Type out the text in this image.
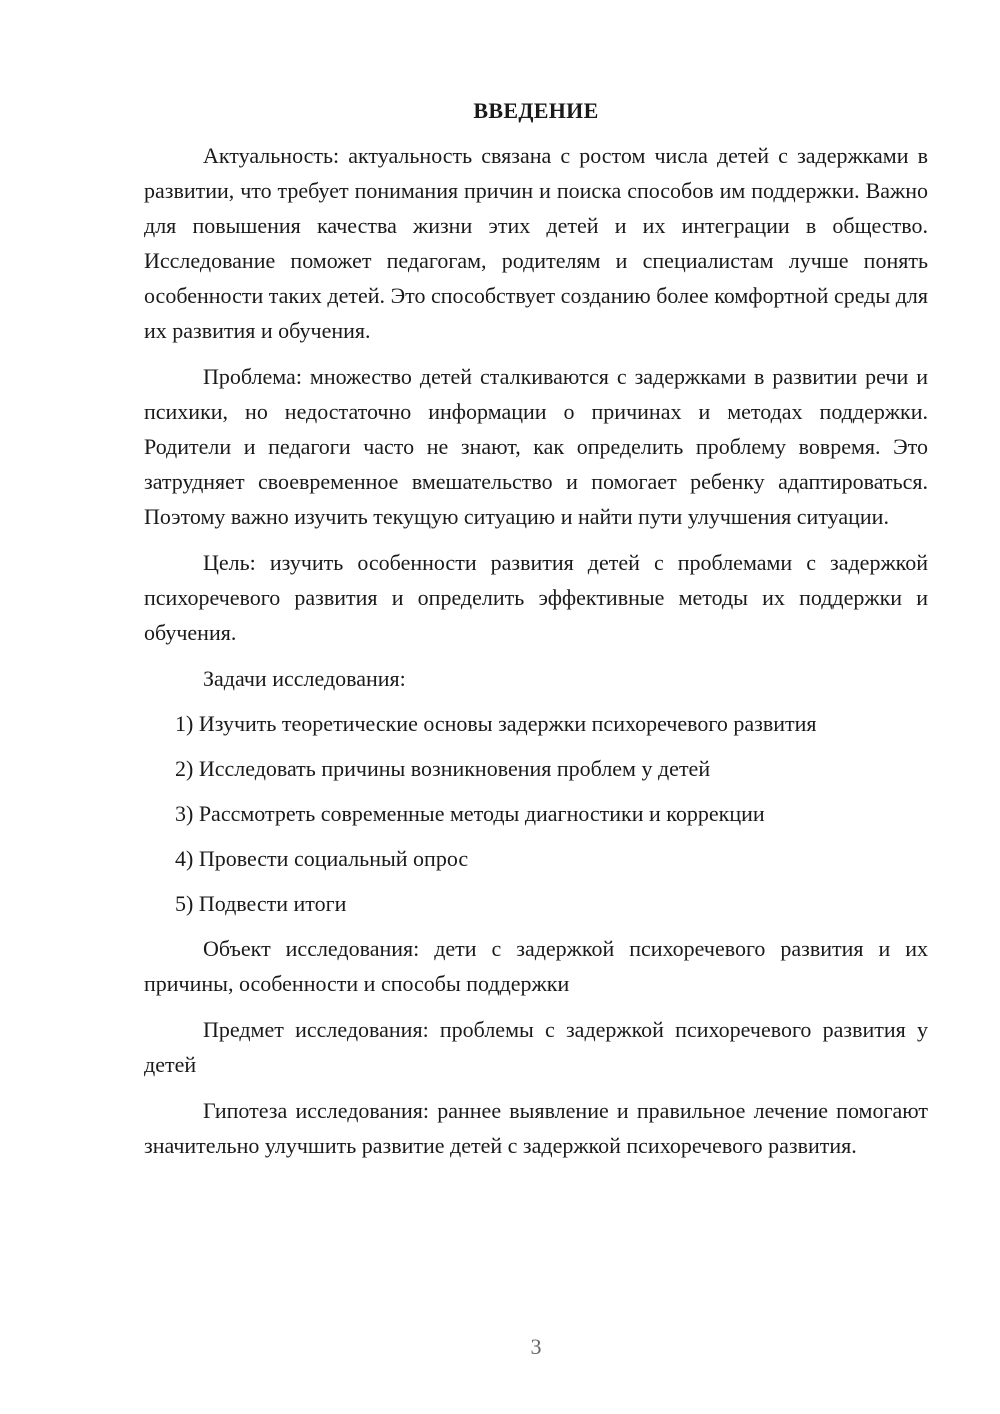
ВВЕДЕНИЕ

Актуальность: актуальность связана с ростом числа детей с задержками в развитии, что требует понимания причин и поиска способов им поддержки. Важно для повышения качества жизни этих детей и их интеграции в общество. Исследование поможет педагогам, родителям и специалистам лучше понять особенности таких детей. Это способствует созданию более комфортной среды для их развития и обучения.

Проблема: множество детей сталкиваются с задержками в развитии речи и психики, но недостаточно информации о причинах и методах поддержки. Родители и педагоги часто не знают, как определить проблему вовремя. Это затрудняет своевременное вмешательство и помогает ребенку адаптироваться. Поэтому важно изучить текущую ситуацию и найти пути улучшения ситуации.

Цель: изучить особенности развития детей с проблемами с задержкой психоречевого развития и определить эффективные методы их поддержки и обучения.

Задачи исследования:

1) Изучить теоретические основы задержки психоречевого развития
2) Исследовать причины возникновения проблем у детей
3) Рассмотреть современные методы диагностики и коррекции
4) Провести социальный опрос
5) Подвести итоги

Объект исследования: дети с задержкой психоречевого развития и их причины, особенности и способы поддержки

Предмет исследования: проблемы с задержкой психоречевого развития у детей

Гипотеза исследования: раннее выявление и правильное лечение помогают значительно улучшить развитие детей с задержкой психоречевого развития.

3
